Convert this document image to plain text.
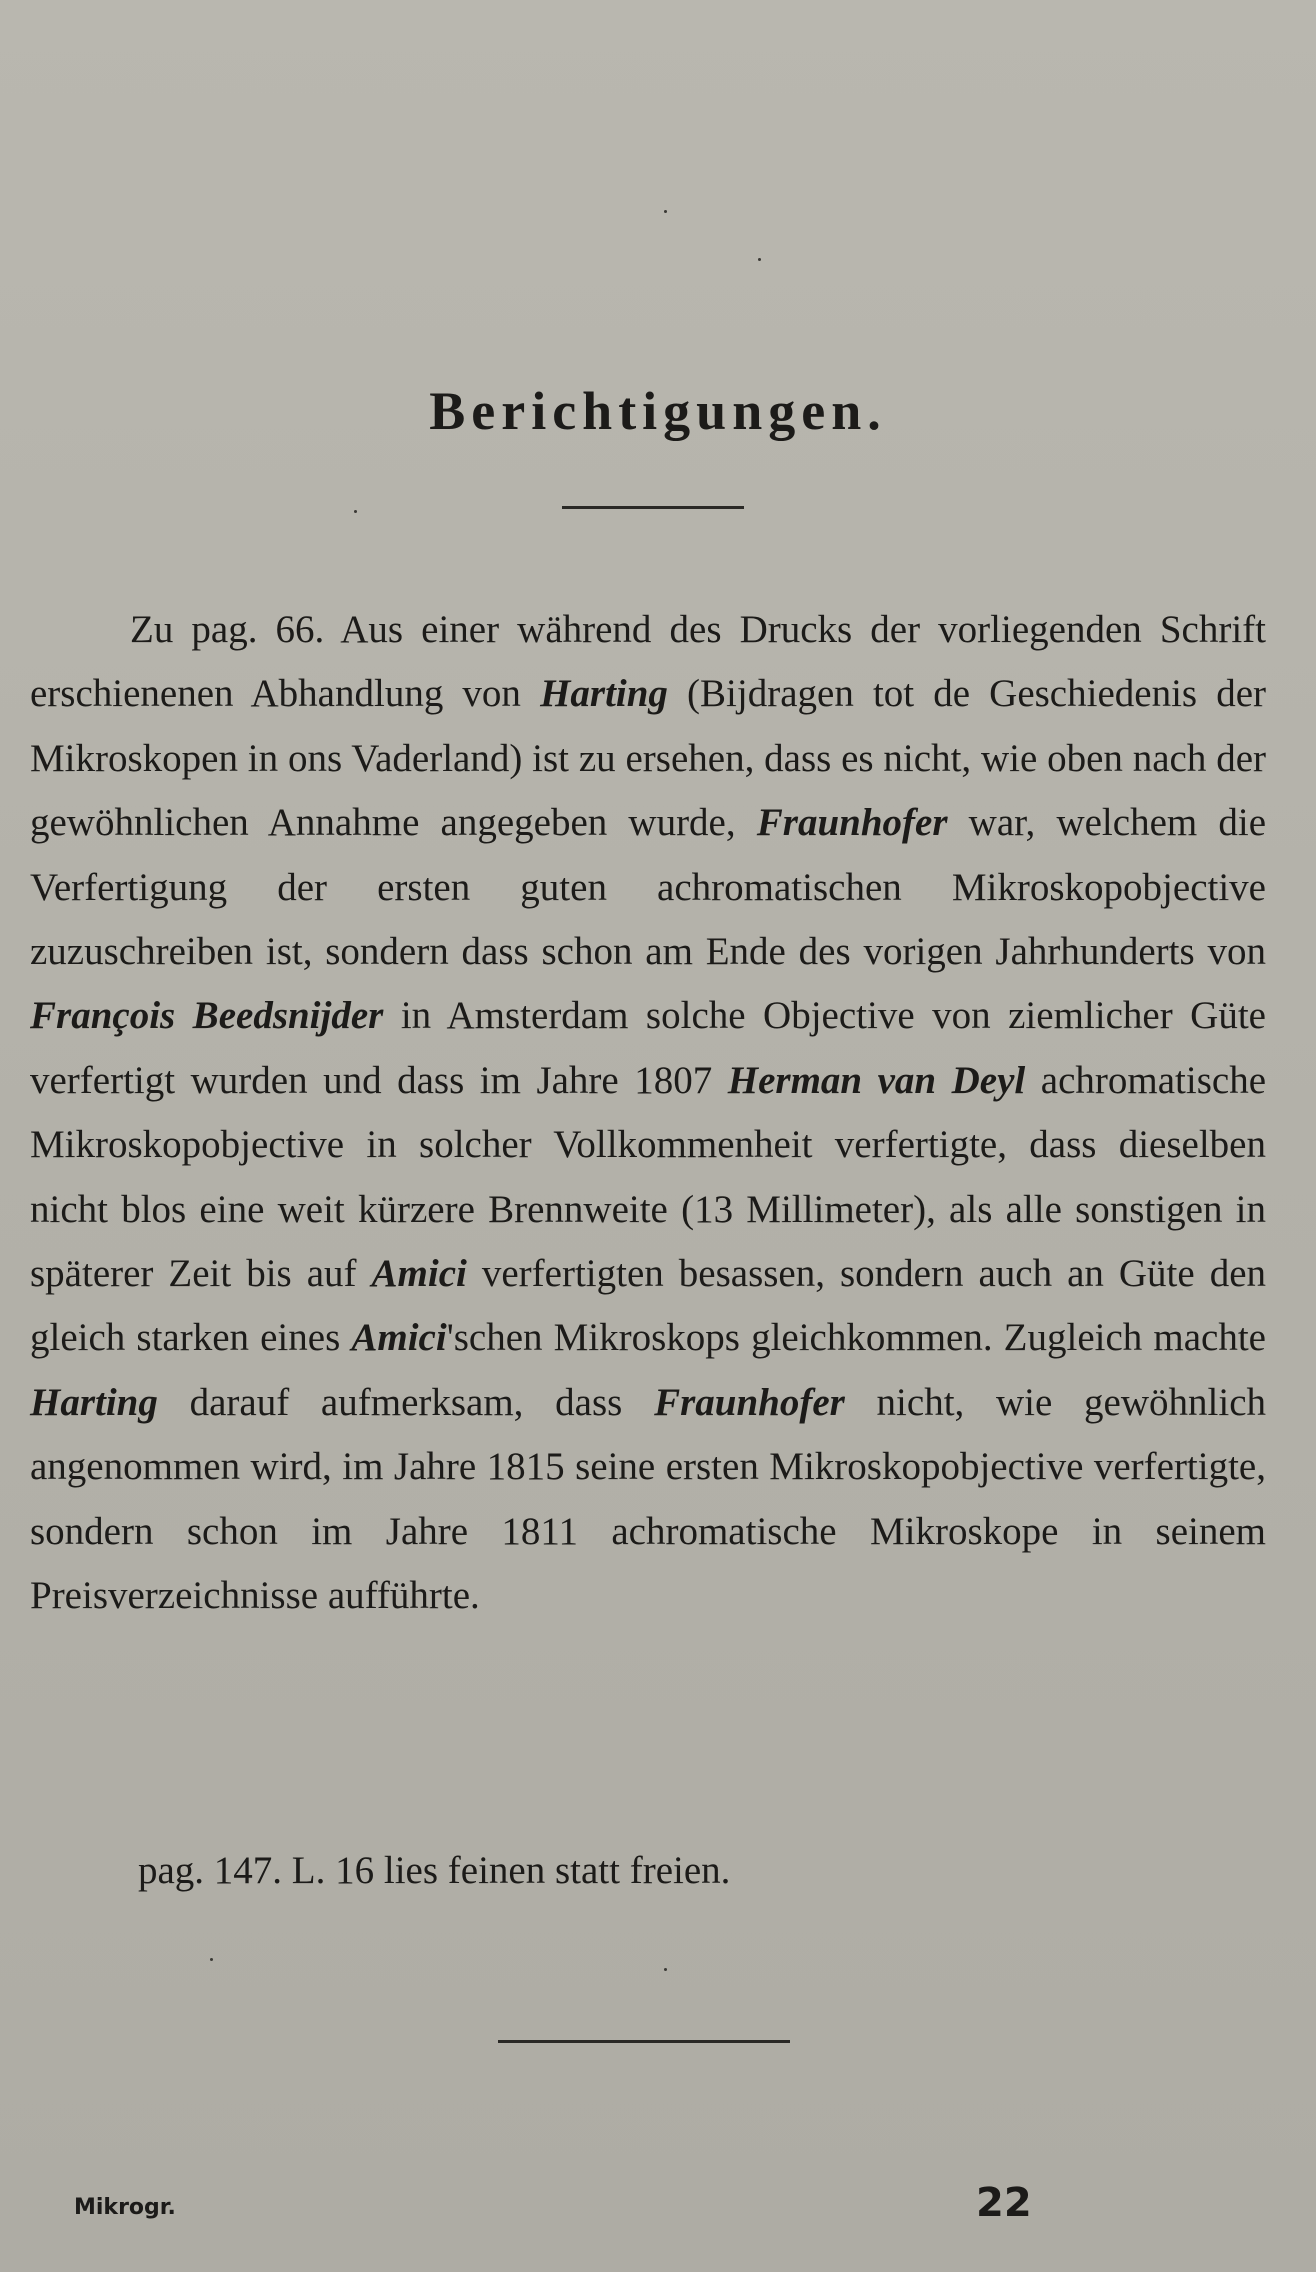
Berichtigungen.

Zu pag. 66. Aus einer während des Drucks der vorliegenden Schrift erschienenen Abhandlung von Harting (Bijdragen tot de Geschiedenis der Mikroskopen in ons Vaderland) ist zu ersehen, dass es nicht, wie oben nach der gewöhnlichen Annahme angegeben wurde, Fraunhofer war, welchem die Verfertigung der ersten guten achromatischen Mikroskopobjective zuzuschreiben ist, sondern dass schon am Ende des vorigen Jahrhunderts von François Beedsnijder in Amsterdam solche Objective von ziemlicher Güte verfertigt wurden und dass im Jahre 1807 Herman van Deyl achromatische Mikroskopobjective in solcher Vollkommenheit verfertigte, dass dieselben nicht blos eine weit kürzere Brennweite (13 Millimeter), als alle sonstigen in späterer Zeit bis auf Amici verfertigten besassen, sondern auch an Güte den gleich starken eines Amici'schen Mikroskops gleichkommen. Zugleich machte Harting darauf aufmerksam, dass Fraunhofer nicht, wie gewöhnlich angenommen wird, im Jahre 1815 seine ersten Mikroskopobjective verfertigte, sondern schon im Jahre 1811 achromatische Mikroskope in seinem Preisverzeichnisse aufführte.

pag. 147. L. 16 lies feinen statt freien.

Mikrogr.	22
